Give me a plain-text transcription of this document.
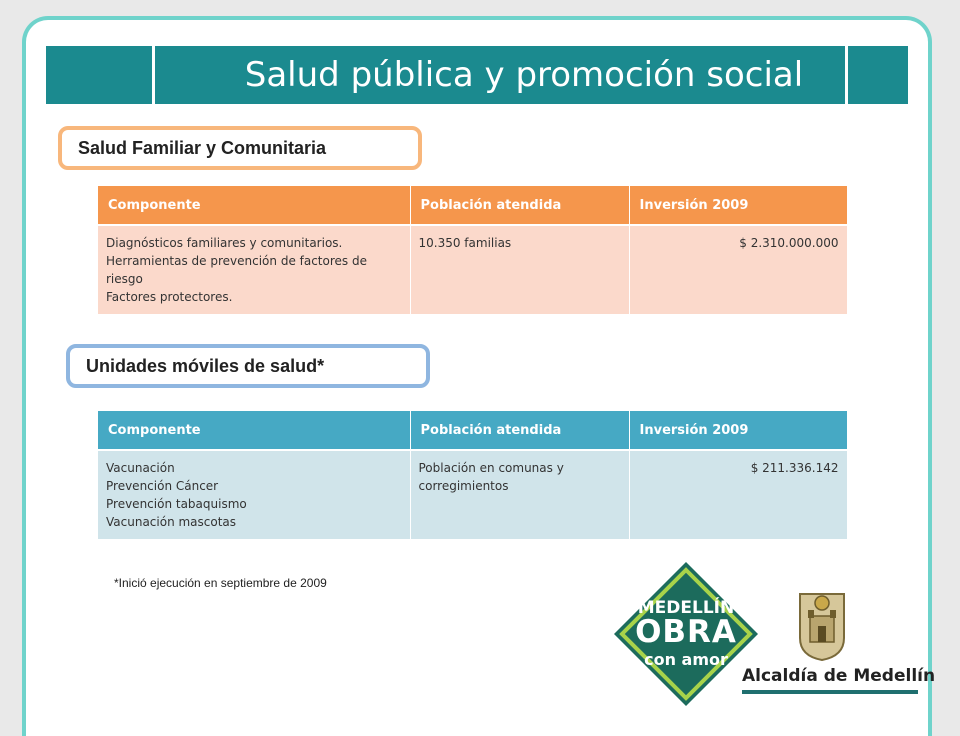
Salud pública y promoción social
Salud Familiar y Comunitaria
Componente	Población atendida	Inversión 2009

Diagnósticos familiares y comunitarios.
Herramientas de prevención de factores de riesgo
Factores protectores.	10.350 familias	$ 2.310.000.000
Unidades móviles de salud*
Componente	Población atendida	Inversión 2009

Vacunación
Prevención Cáncer
Prevención tabaquismo
Vacunación mascotas	Población en comunas y corregimientos	$ 211.336.142
*Inició ejecución en septiembre de 2009
MEDELLÍN
OBRA
con amor
Alcaldía de Medellín
